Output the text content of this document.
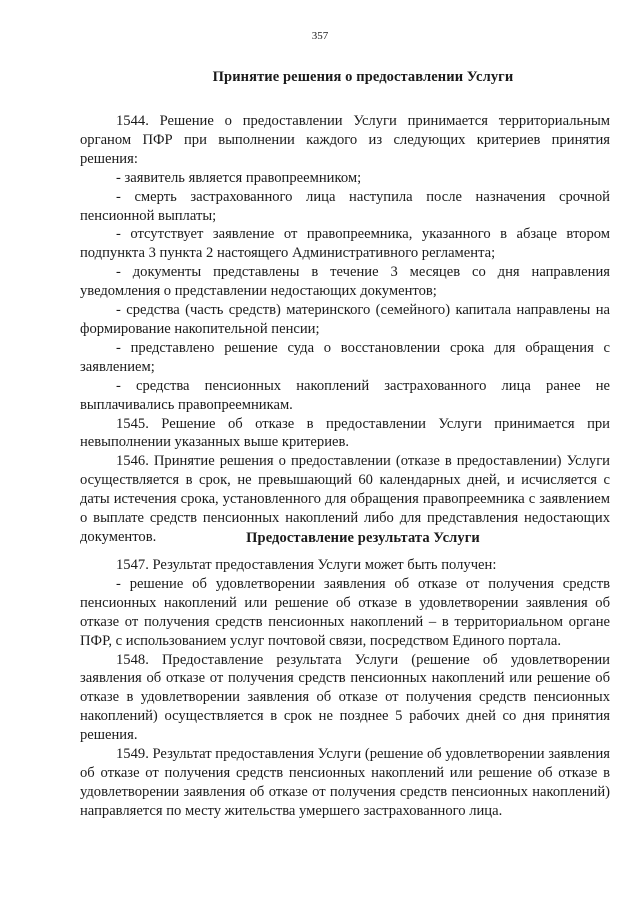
357
Принятие решения о предоставлении Услуги

1544. Решение о предоставлении Услуги принимается территориальным органом ПФР при выполнении каждого из следующих критериев принятия решения:

- заявитель является правопреемником;

- смерть застрахованного лица наступила после назначения срочной пенсионной выплаты;

- отсутствует заявление от правопреемника, указанного в абзаце втором подпункта 3 пункта 2 настоящего Административного регламента;

- документы представлены в течение 3 месяцев со дня направления уведомления о представлении недостающих документов;

- средства (часть средств) материнского (семейного) капитала направлены на формирование накопительной пенсии;

- представлено решение суда о восстановлении срока для обращения с заявлением;

- средства пенсионных накоплений застрахованного лица ранее не выплачивались правопреемникам.

1545. Решение об отказе в предоставлении Услуги принимается при невыполнении указанных выше критериев.

1546. Принятие решения о предоставлении (отказе в предоставлении) Услуги осуществляется в срок, не превышающий 60 календарных дней, и исчисляется с даты истечения срока, установленного для обращения правопреемника с заявлением о выплате средств пенсионных накоплений либо для представления недостающих документов.	Предоставление результата Услуги

1547. Результат предоставления Услуги может быть получен:

- решение об удовлетворении заявления об отказе от получения средств пенсионных накоплений или решение об отказе в удовлетворении заявления об отказе от получения средств пенсионных накоплений – в территориальном органе ПФР, с использованием услуг почтовой связи, посредством Единого портала.

1548. Предоставление результата Услуги (решение об удовлетворении заявления об отказе от получения средств пенсионных накоплений или решение об отказе в удовлетворении заявления об отказе от получения средств пенсионных накоплений) осуществляется в срок не позднее 5 рабочих дней со дня принятия решения.

1549. Результат предоставления Услуги (решение об удовлетворении заявления об отказе от получения средств пенсионных накоплений или решение об отказе в удовлетворении заявления об отказе от получения средств пенсионных накоплений) направляется по месту жительства умершего застрахованного лица.
